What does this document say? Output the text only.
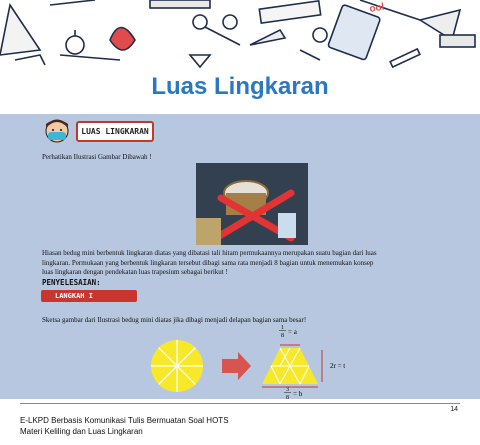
ool
Luas Lingkaran
LUAS LINGKARAN
Perhatikan Ilustrasi Gambar Dibawah !
Hiasan bedug mini berbentuk lingkaran diatas yang dibatasi tali hitam permukaannya merupakan suatu bagian dari luas
lingkaran. Permukaan yang berbentuk lingkaran tersebut dibagi sama rata menjadi 8 bagian untuk menemukan konsep
luas lingkaran dengan pendekatan luas trapesium sebagai berikut !
PENYELESAIAN:
LANGKAH I
Sketsa gambar dari Ilustrasi bedug mini diatas jika dibagi menjadi delapan bagian sama besar!
1
8 = a
2r = t
3
8 = b
14
E-LKPD Berbasis Komunikasi Tulis Bermuatan Soal HOTS
Materi Keliling dan Luas Lingkaran
